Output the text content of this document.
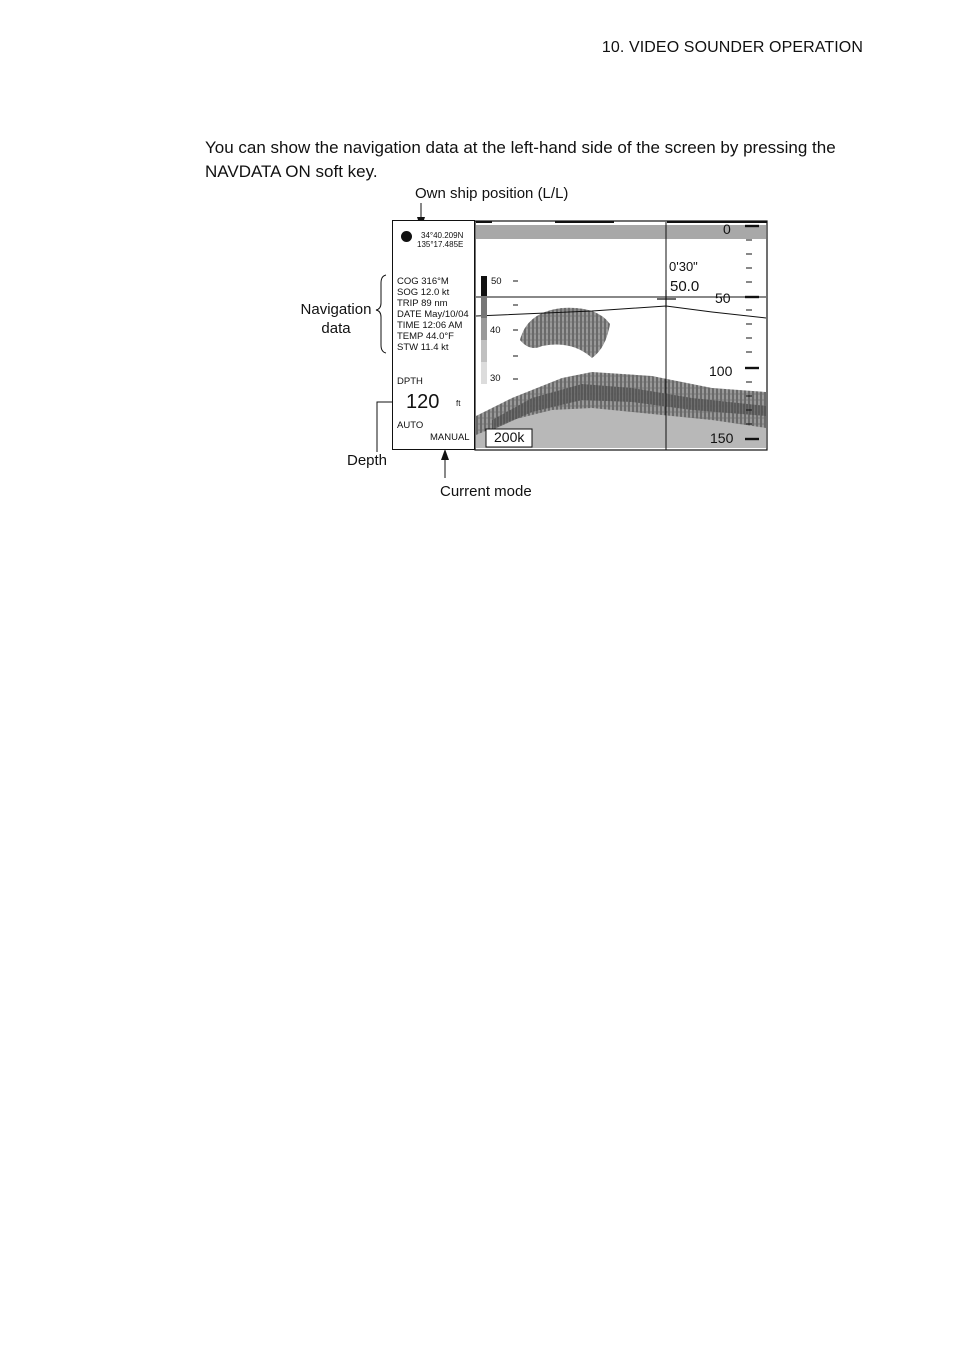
10. VIDEO SOUNDER OPERATION
You can show the navigation data at the left-hand side of the screen by pressing the NAVDATA ON soft key.
Own ship position (L/L)
Navigation
data
Depth
Current mode
34°40.209N
135°17.485E
COG 316°M
SOG 12.0 kt
TRIP 89 nm
DATE May/10/04
TIME 12:06 AM
TEMP 44.0°F
STW 11.4 kt
DPTH
120 ft
AUTO
MANUAL
50
40
30
0
50
100
150
0'30"
50.0
200k
